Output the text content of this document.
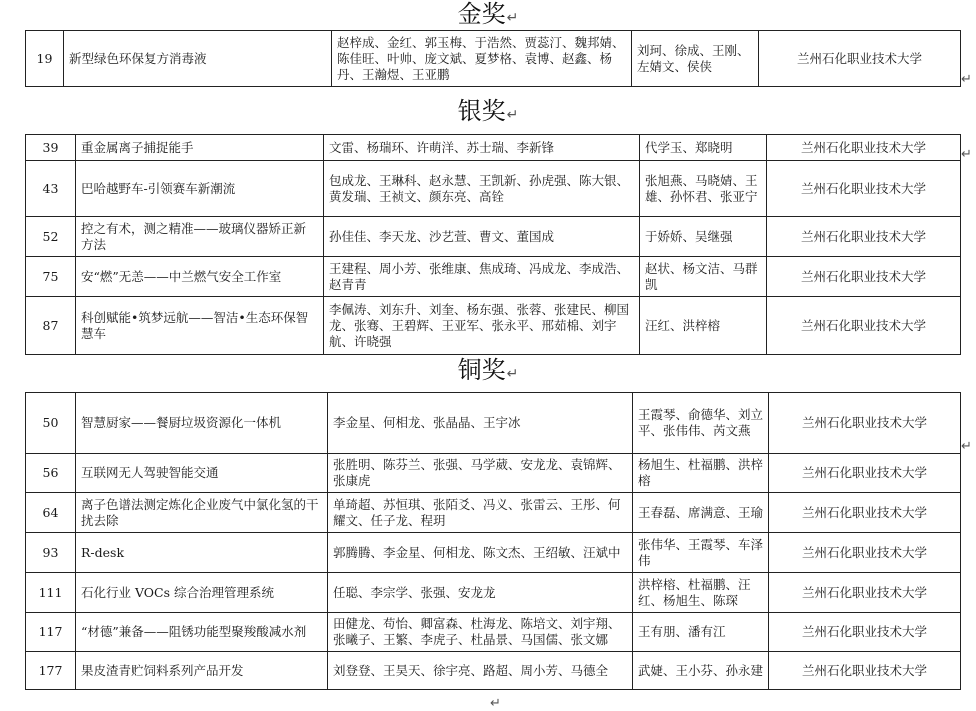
金奖↵
19	新型绿色环保复方消毒液	赵梓成、金红、郭玉梅、于浩然、贾蕊汀、魏邦婧、陈佳旺、叶帅、庞文斌、夏梦格、袁博、赵鑫、杨丹、王瀚煜、王亚鹏	刘珂、徐成、王刚、左婧文、侯侠	兰州石化职业技术大学
↵
银奖↵
39	重金属离子捕捉能手	文雷、杨瑞环、许萌洋、苏士瑞、李新锋	代学玉、郑晓明	兰州石化职业技术大学
43	巴哈越野车-引领赛车新潮流	包成龙、王琳科、赵永慧、王凯新、孙虎强、陈大银、黄发瑞、王祯文、颜东亮、高铨	张旭燕、马晓婧、王雄、孙怀君、张亚宁	兰州石化职业技术大学
52	控之有术，测之精准——玻璃仪器矫正新方法	孙佳佳、李天龙、沙艺萱、曹文、董国成	于娇娇、吴继强	兰州石化职业技术大学
75	安“燃”无恙——中兰燃气安全工作室	王建程、周小芳、张维康、焦成琦、冯成龙、李成浩、赵青青	赵状、杨文洁、马群凯	兰州石化职业技术大学
87	科创赋能•筑梦远航——智洁•生态环保智慧车	李佩涛、刘东升、刘奎、杨东强、张蓉、张建民、柳国龙、张骞、王碧辉、王亚军、张永平、邢茹棉、刘宇航、许晓强	汪红、洪梓榕	兰州石化职业技术大学
↵
铜奖↵
50	智慧厨家——餐厨垃圾资源化一体机	李金星、何相龙、张晶晶、王宇冰	王霞琴、俞德华、刘立平、张伟伟、芮文燕	兰州石化职业技术大学
56	互联网无人驾驶智能交通	张胜明、陈芬兰、张强、马学葳、安龙龙、袁锦辉、张康虎	杨旭生、杜福鹏、洪梓榕	兰州石化职业技术大学
64	离子色谱法测定炼化企业废气中氯化氢的干扰去除	单琦超、苏恒琪、张陌爻、冯义、张雷云、王彤、何耀文、任子龙、程玥	王春磊、席满意、王瑜	兰州石化职业技术大学
93	R-desk	郭腾腾、李金星、何相龙、陈文杰、王绍敏、汪斌中	张伟华、王霞琴、车泽伟	兰州石化职业技术大学
111	石化行业 VOCs 综合治理管理系统	任聪、李宗学、张强、安龙龙	洪梓榕、杜福鹏、汪红、杨旭生、陈琛	兰州石化职业技术大学
117	“材德”兼备——阻锈功能型聚羧酸减水剂	田健龙、苟怡、卿富森、杜海龙、陈培文、刘宇翔、张曦子、王繁、李虎子、杜晶景、马国儒、张文娜	王有朋、潘有江	兰州石化职业技术大学
177	果皮渣青贮饲料系列产品开发	刘登登、王昊天、徐宇亮、路超、周小芳、马德全	武婕、王小芬、孙永建	兰州石化职业技术大学
↵
↵
